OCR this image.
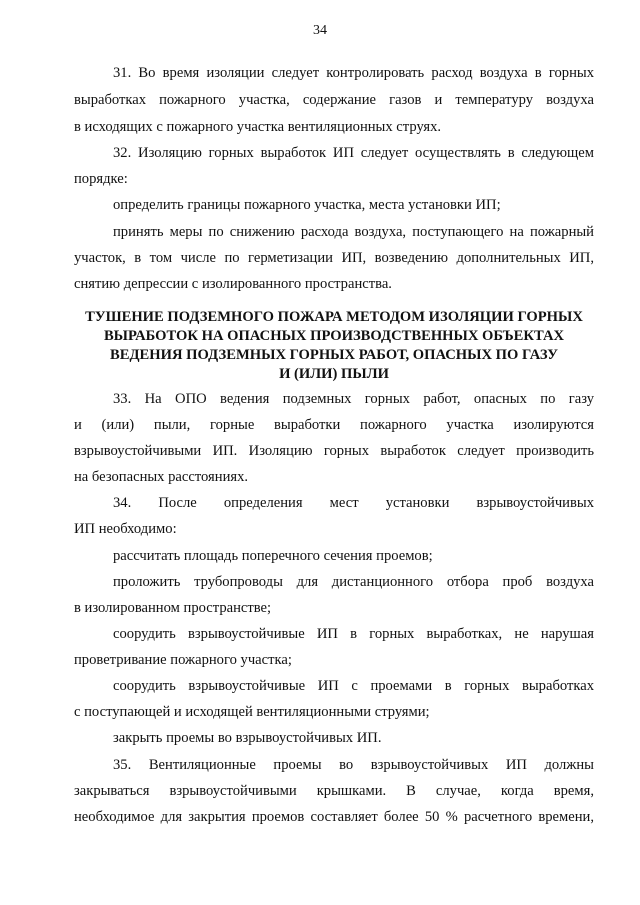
34
31. Во время изоляции следует контролировать расход воздуха в горных
выработках пожарного участка, содержание газов и температуру воздуха
в исходящих с пожарного участка вентиляционных струях.
32. Изоляцию горных выработок ИП следует осуществлять в следующем
порядке:
определить границы пожарного участка, места установки ИП;
принять меры по снижению расхода воздуха, поступающего на пожарный
участок, в том числе по герметизации ИП, возведению дополнительных ИП,
снятию депрессии с изолированного пространства.
ТУШЕНИЕ ПОДЗЕМНОГО ПОЖАРА МЕТОДОМ ИЗОЛЯЦИИ ГОРНЫХ
ВЫРАБОТОК НА ОПАСНЫХ ПРОИЗВОДСТВЕННЫХ ОБЪЕКТАХ
ВЕДЕНИЯ ПОДЗЕМНЫХ ГОРНЫХ РАБОТ, ОПАСНЫХ ПО ГАЗУ
И (ИЛИ) ПЫЛИ
33. На ОПО ведения подземных горных работ, опасных по газу
и (или) пыли, горные выработки пожарного участка изолируются
взрывоустойчивыми ИП. Изоляцию горных выработок следует производить
на безопасных расстояниях.
34. После определения мест установки взрывоустойчивых
ИП необходимо:
рассчитать площадь поперечного сечения проемов;
проложить трубопроводы для дистанционного отбора проб воздуха
в изолированном пространстве;
соорудить взрывоустойчивые ИП в горных выработках, не нарушая
проветривание пожарного участка;
соорудить взрывоустойчивые ИП с проемами в горных выработках
с поступающей и исходящей вентиляционными струями;
закрыть проемы во взрывоустойчивых ИП.
35. Вентиляционные проемы во взрывоустойчивых ИП должны
закрываться взрывоустойчивыми крышками. В случае, когда время,
необходимое для закрытия проемов составляет более 50 % расчетного времени,
